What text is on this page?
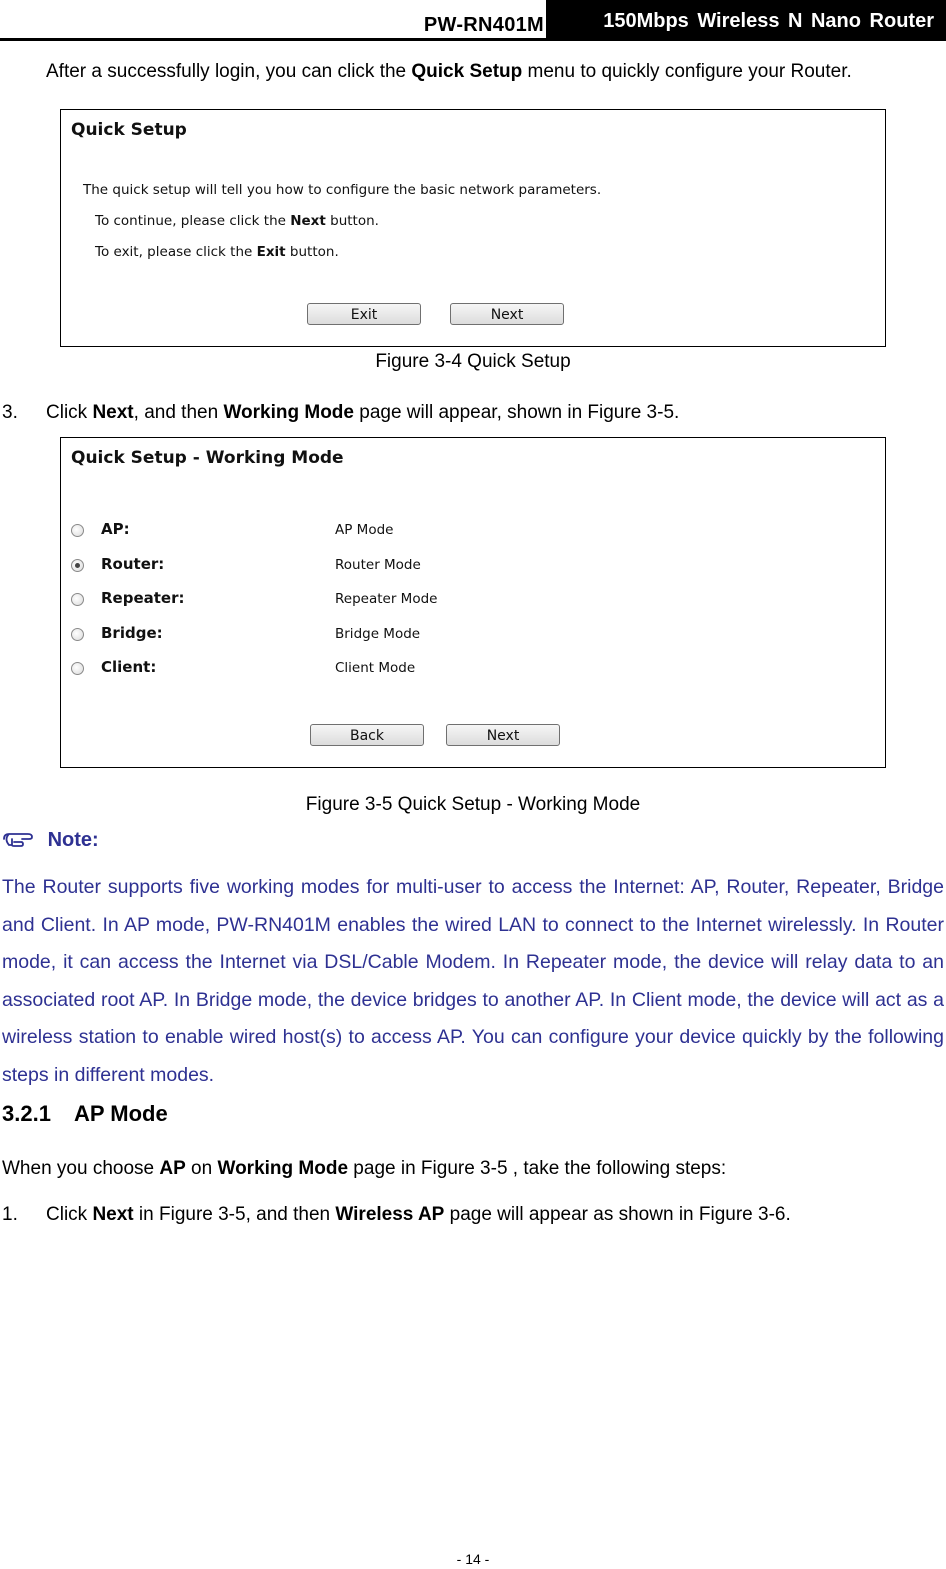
PW-RN401M	150Mbps Wireless N Nano Router
After a successfully login, you can click the Quick Setup menu to quickly configure your Router.
Quick Setup
The quick setup will tell you how to configure the basic network parameters.
To continue, please click the Next button.
To exit, please click the Exit button.
Exit	Next
Figure 3-4 Quick Setup
3. Click Next, and then Working Mode page will appear, shown in Figure 3-5.
Quick Setup - Working Mode
AP:	AP Mode
Router:	Router Mode
Repeater:	Repeater Mode
Bridge:	Bridge Mode
Client:	Client Mode
Back	Next
Figure 3-5 Quick Setup - Working Mode
Note:
The Router supports five working modes for multi-user to access the Internet: AP, Router, Repeater, Bridge and Client. In AP mode, PW-RN401M enables the wired LAN to connect to the Internet wirelessly. In Router mode, it can access the Internet via DSL/Cable Modem. In Repeater mode, the device will relay data to an associated root AP. In Bridge mode, the device bridges to another AP. In Client mode, the device will act as a wireless station to enable wired host(s) to access AP. You can configure your device quickly by the following steps in different modes.
3.2.1 AP Mode
When you choose AP on Working Mode page in Figure 3-5 , take the following steps:
1. Click Next in Figure 3-5, and then Wireless AP page will appear as shown in Figure 3-6.
- 14 -
